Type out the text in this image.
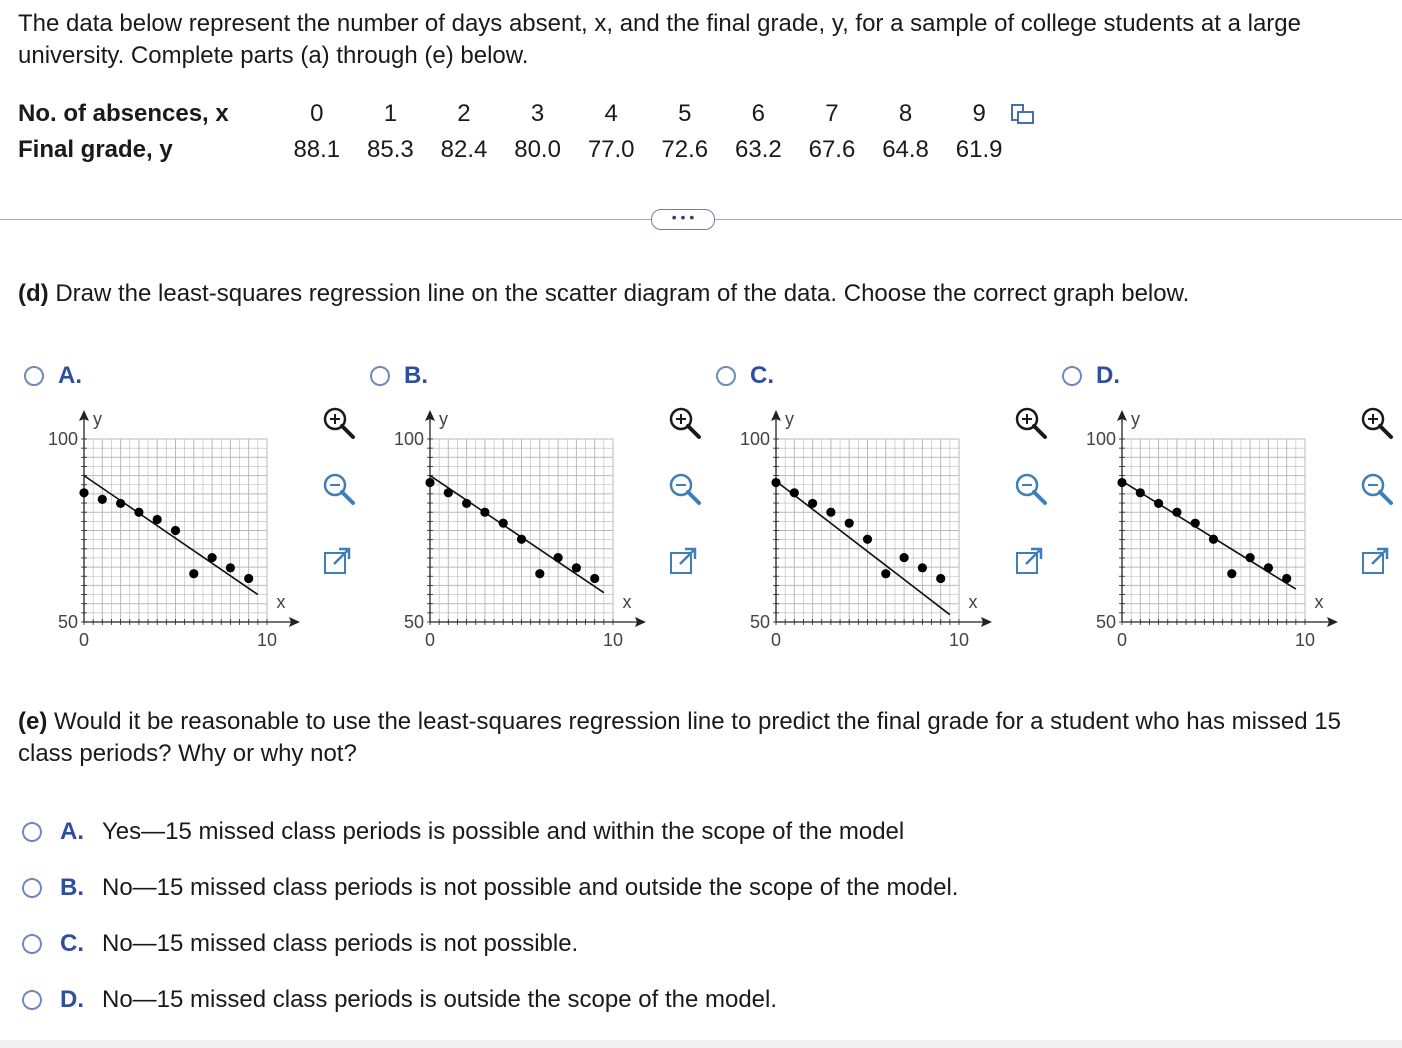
The data below represent the number of days absent, x, and the final grade, y, for a sample of college students at a large university. Complete parts (a) through (e) below.
No. of absences, x	0	1	2	3	4	5	6	7	8	9
Final grade, y	88.1	85.3	82.4	80.0	77.0	72.6	63.2	67.6	64.8	61.9
• • •
(d) Draw the least-squares regression line on the scatter diagram of the data. Choose the correct graph below.
A.
0	10
50
100
x
y
B.
0	10
50
100
x
y
C.
0	10
50
100
x
y
D.
0	10
50
100
x
y
(e) Would it be reasonable to use the least-squares regression line to predict the final grade for a student who has missed 15 class periods? Why or why not?
A. Yes—15 missed class periods is possible and within the scope of the model
B. No—15 missed class periods is not possible and outside the scope of the model.
C. No—15 missed class periods is not possible.
D. No—15 missed class periods is outside the scope of the model.
